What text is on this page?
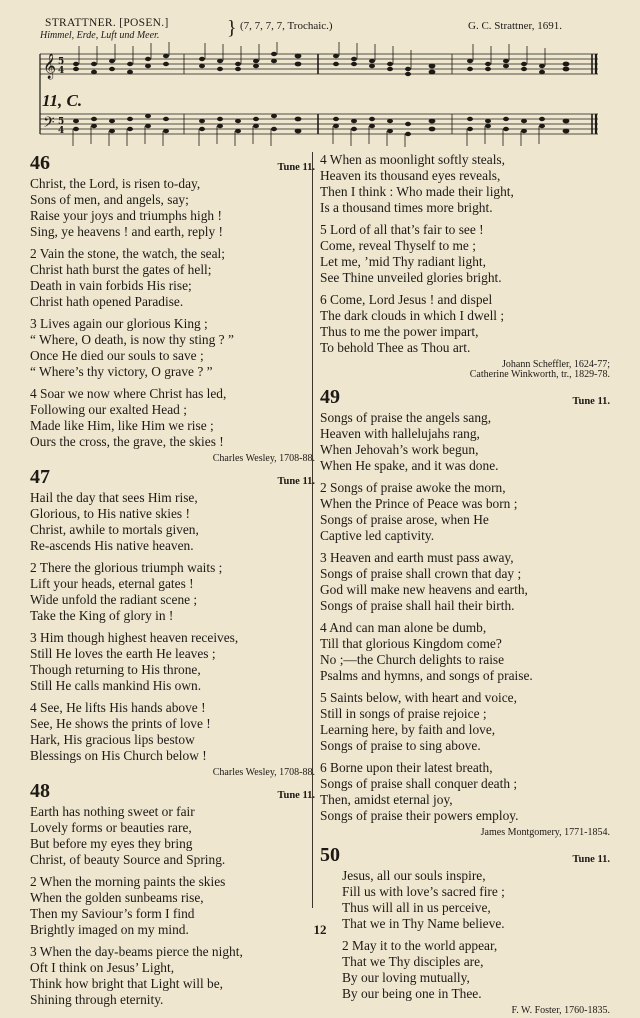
STRATTNER. [POSEN.]
Himmel, Erde, Luft und Meer.	} (7, 7, 7, 7, Trochaic.)	G. C. Strattner, 1691.
𝄞
𝄢
5
4
5
4
11, C.
46	Tune 11.
Christ, the Lord, is risen to-day,
Sons of men, and angels, say;
Raise your joys and triumphs high !
Sing, ye heavens ! and earth, reply !
2 Vain the stone, the watch, the seal;
Christ hath burst the gates of hell;
Death in vain forbids His rise;
Christ hath opened Paradise.
3 Lives again our glorious King ;
“ Where, O death, is now thy sting ? ”
Once He died our souls to save ;
“ Where’s thy victory, O grave ? ”
4 Soar we now where Christ has led,
Following our exalted Head ;
Made like Him, like Him we rise ;
Ours the cross, the grave, the skies !
Charles Wesley, 1708-88.
47	Tune 11.
Hail the day that sees Him rise,
Glorious, to His native skies !
Christ, awhile to mortals given,
Re-ascends His native heaven.
2 There the glorious triumph waits ;
Lift your heads, eternal gates !
Wide unfold the radiant scene ;
Take the King of glory in !
3 Him though highest heaven receives,
Still He loves the earth He leaves ;
Though returning to His throne,
Still He calls mankind His own.
4 See, He lifts His hands above !
See, He shows the prints of love !
Hark, His gracious lips bestow
Blessings on His Church below !
Charles Wesley, 1708-88.
48	Tune 11.
Earth has nothing sweet or fair
Lovely forms or beauties rare,
But before my eyes they bring
Christ, of beauty Source and Spring.
2 When the morning paints the skies
When the golden sunbeams rise,
Then my Saviour’s form I find
Brightly imaged on my mind.
3 When the day-beams pierce the night,
Oft I think on Jesus’ Light,
Think how bright that Light will be,
Shining through eternity.
4 When as moonlight softly steals,
Heaven its thousand eyes reveals,
Then I think : Who made their light,
Is a thousand times more bright.
5 Lord of all that’s fair to see !
Come, reveal Thyself to me ;
Let me, ’mid Thy radiant light,
See Thine unveiled glories bright.
6 Come, Lord Jesus ! and dispel
The dark clouds in which I dwell ;
Thus to me the power impart,
To behold Thee as Thou art.
Johann Scheffler, 1624-77;
Catherine Winkworth, tr., 1829-78.
49	Tune 11.
Songs of praise the angels sang,
Heaven with hallelujahs rang,
When Jehovah’s work begun,
When He spake, and it was done.
2 Songs of praise awoke the morn,
When the Prince of Peace was born ;
Songs of praise arose, when He
Captive led captivity.
3 Heaven and earth must pass away,
Songs of praise shall crown that day ;
God will make new heavens and earth,
Songs of praise shall hail their birth.
4 And can man alone be dumb,
Till that glorious Kingdom come?
No ;—the Church delights to raise
Psalms and hymns, and songs of praise.
5 Saints below, with heart and voice,
Still in songs of praise rejoice ;
Learning here, by faith and love,
Songs of praise to sing above.
6 Borne upon their latest breath,
Songs of praise shall conquer death ;
Then, amidst eternal joy,
Songs of praise their powers employ.
James Montgomery, 1771-1854.
50	Tune 11.
Jesus, all our souls inspire,
Fill us with love’s sacred fire ;
Thus will all in us perceive,
That we in Thy Name believe.
2 May it to the world appear,
That we Thy disciples are,
By our loving mutually,
By our being one in Thee.
F. W. Foster, 1760-1835.
12
